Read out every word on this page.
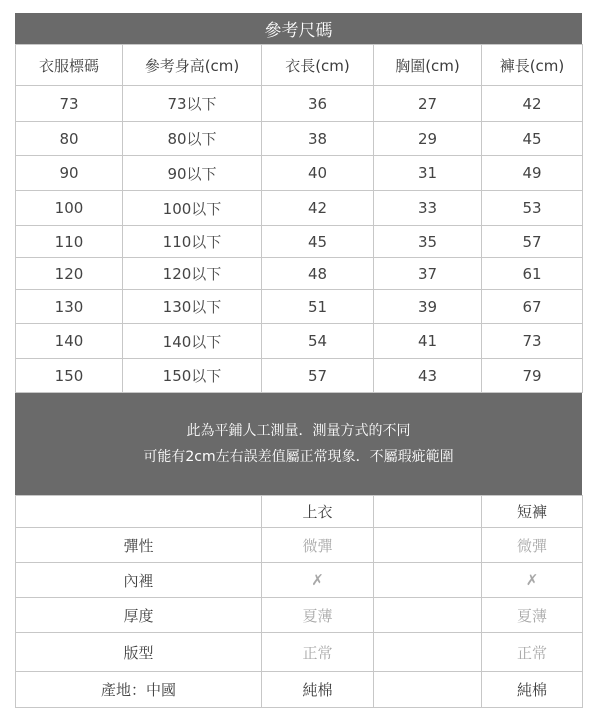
參考尺碼
衣服標碼	參考身高(cm)	衣長(cm)	胸圍(cm)	褲長(cm)
73	73以下	36	27	42
80	80以下	38	29	45
90	90以下	40	31	49
100	100以下	42	33	53
110	110以下	45	35	57
120	120以下	48	37	61
130	130以下	51	39	67
140	140以下	54	41	73
150	150以下	57	43	79
此為平鋪人工測量．測量方式的不同
可能有2cm左右誤差值屬正常現象．不屬瑕疵範圍
	上衣		短褲
彈性	微彈		微彈
內裡	✗		✗
厚度	夏薄		夏薄
版型	正常		正常
產地：中國	純棉		純棉
